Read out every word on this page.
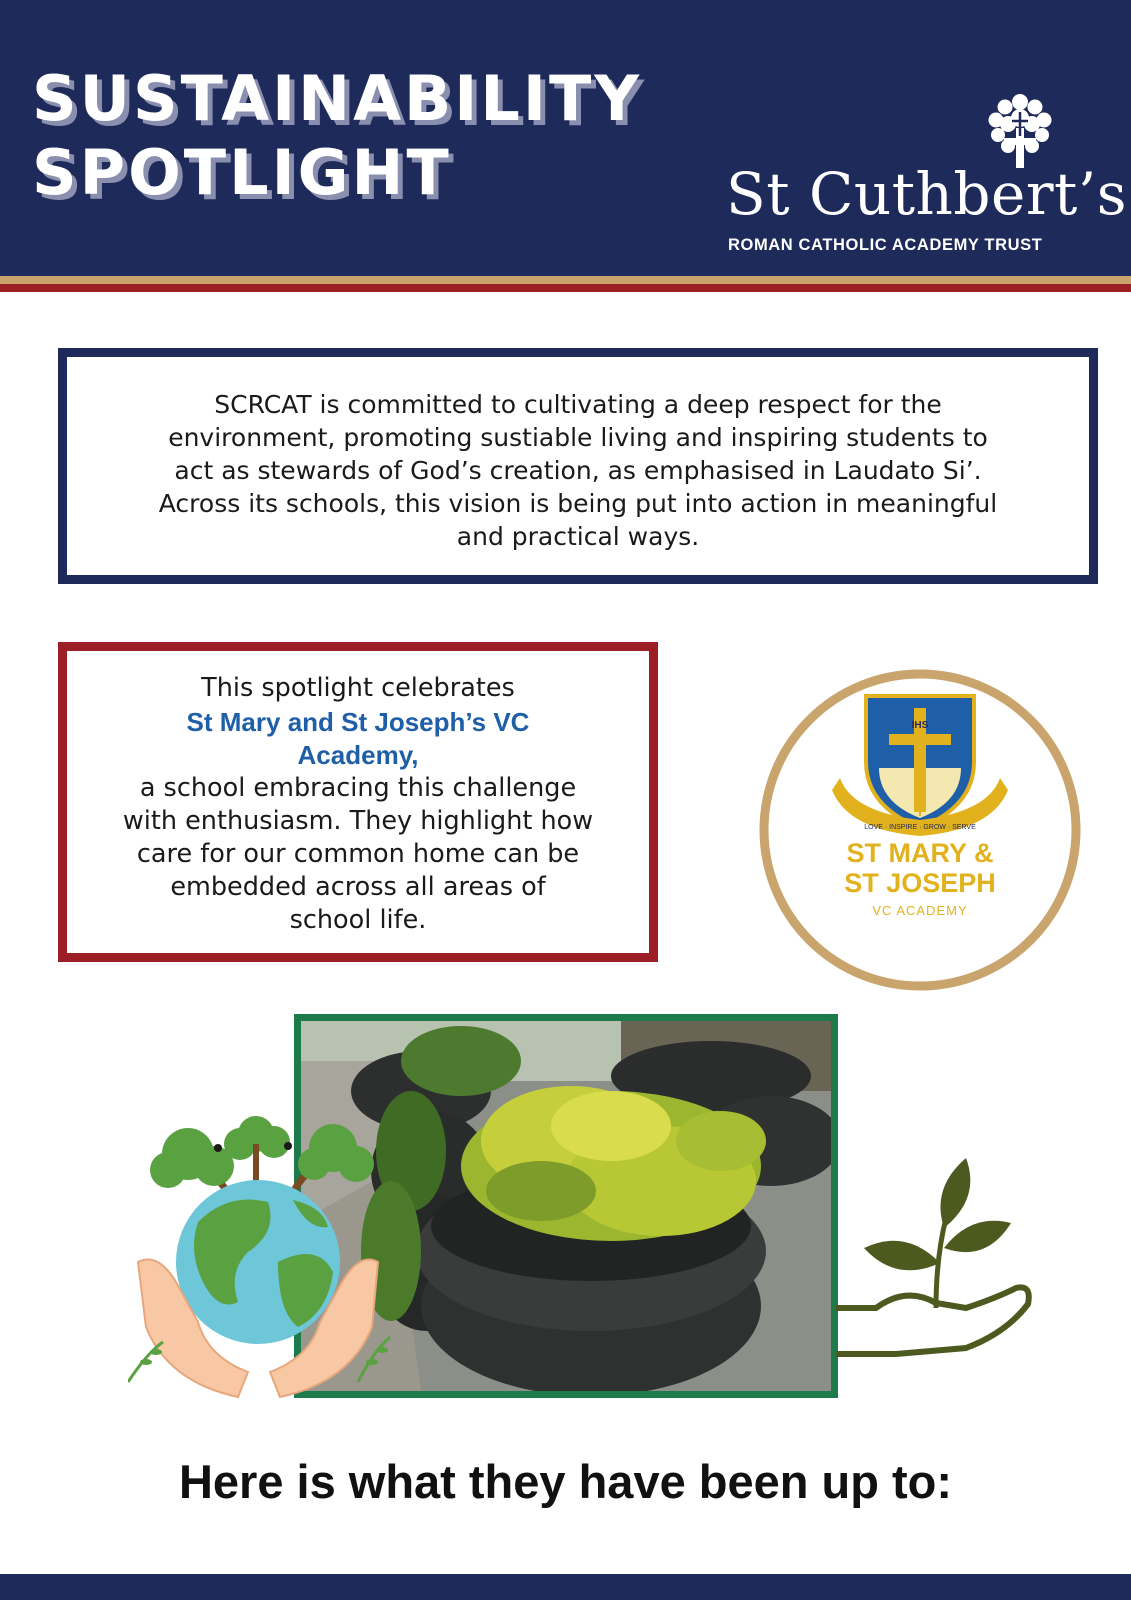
SUSTAINABILITY
SPOTLIGHT	St Cuthbert’s
ROMAN CATHOLIC ACADEMY TRUST
SCRCAT is committed to cultivating a deep respect for the
environment, promoting sustiable living and inspiring students to
act as stewards of God’s creation, as emphasised in Laudato Si’.
Across its schools, this vision is being put into action in meaningful
and practical ways.
This spotlight celebrates
St Mary and St Joseph’s VC
Academy,
a school embracing this challenge
with enthusiasm. They highlight how
care for our common home can be
embedded across all areas of
school life.
IHS
LOVE · INSPIRE · GROW · SERVE
ST MARY &
ST JOSEPH
VC ACADEMY
Here is what they have been up to:
